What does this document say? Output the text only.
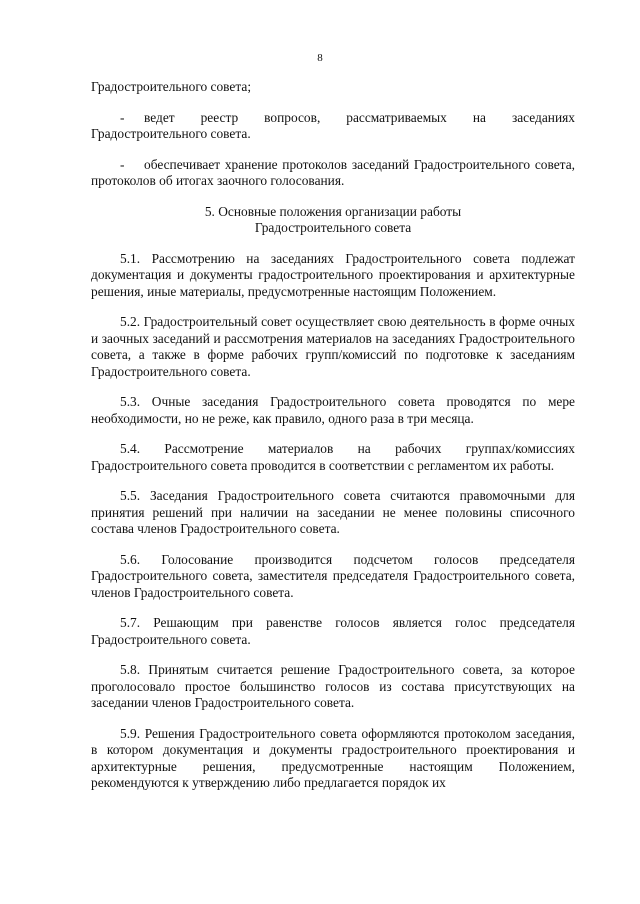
8

Градостроительного совета;

- ведет реестр вопросов, рассматриваемых на заседаниях Градостроительного совета.

- обеспечивает хранение протоколов заседаний Градостроительного совета, протоколов об итогах заочного голосования.

5. Основные положения организации работы
Градостроительного совета

5.1. Рассмотрению на заседаниях Градостроительного совета подлежат документация и документы градостроительного проектирования и архитектурные решения, иные материалы, предусмотренные настоящим Положением.

5.2. Градостроительный совет осуществляет свою деятельность в форме очных и заочных заседаний и рассмотрения материалов на заседаниях Градостроительного совета, а также в форме рабочих групп/комиссий по подготовке к заседаниям Градостроительного совета.

5.3. Очные заседания Градостроительного совета проводятся по мере необходимости, но не реже, как правило, одного раза в три месяца.

5.4. Рассмотрение материалов на рабочих группах/комиссиях Градостроительного совета проводится в соответствии с регламентом их работы.

5.5. Заседания Градостроительного совета считаются правомочными для принятия решений при наличии на заседании не менее половины списочного состава членов Градостроительного совета.

5.6. Голосование производится подсчетом голосов председателя Градостроительного совета, заместителя председателя Градостроительного совета, членов Градостроительного совета.

5.7. Решающим при равенстве голосов является голос председателя Градостроительного совета.

5.8. Принятым считается решение Градостроительного совета, за которое проголосовало простое большинство голосов из состава присутствующих на заседании членов Градостроительного совета.

5.9. Решения Градостроительного совета оформляются протоколом заседания, в котором документация и документы градостроительного проектирования и архитектурные решения, предусмотренные настоящим Положением, рекомендуются к утверждению либо предлагается порядок их
